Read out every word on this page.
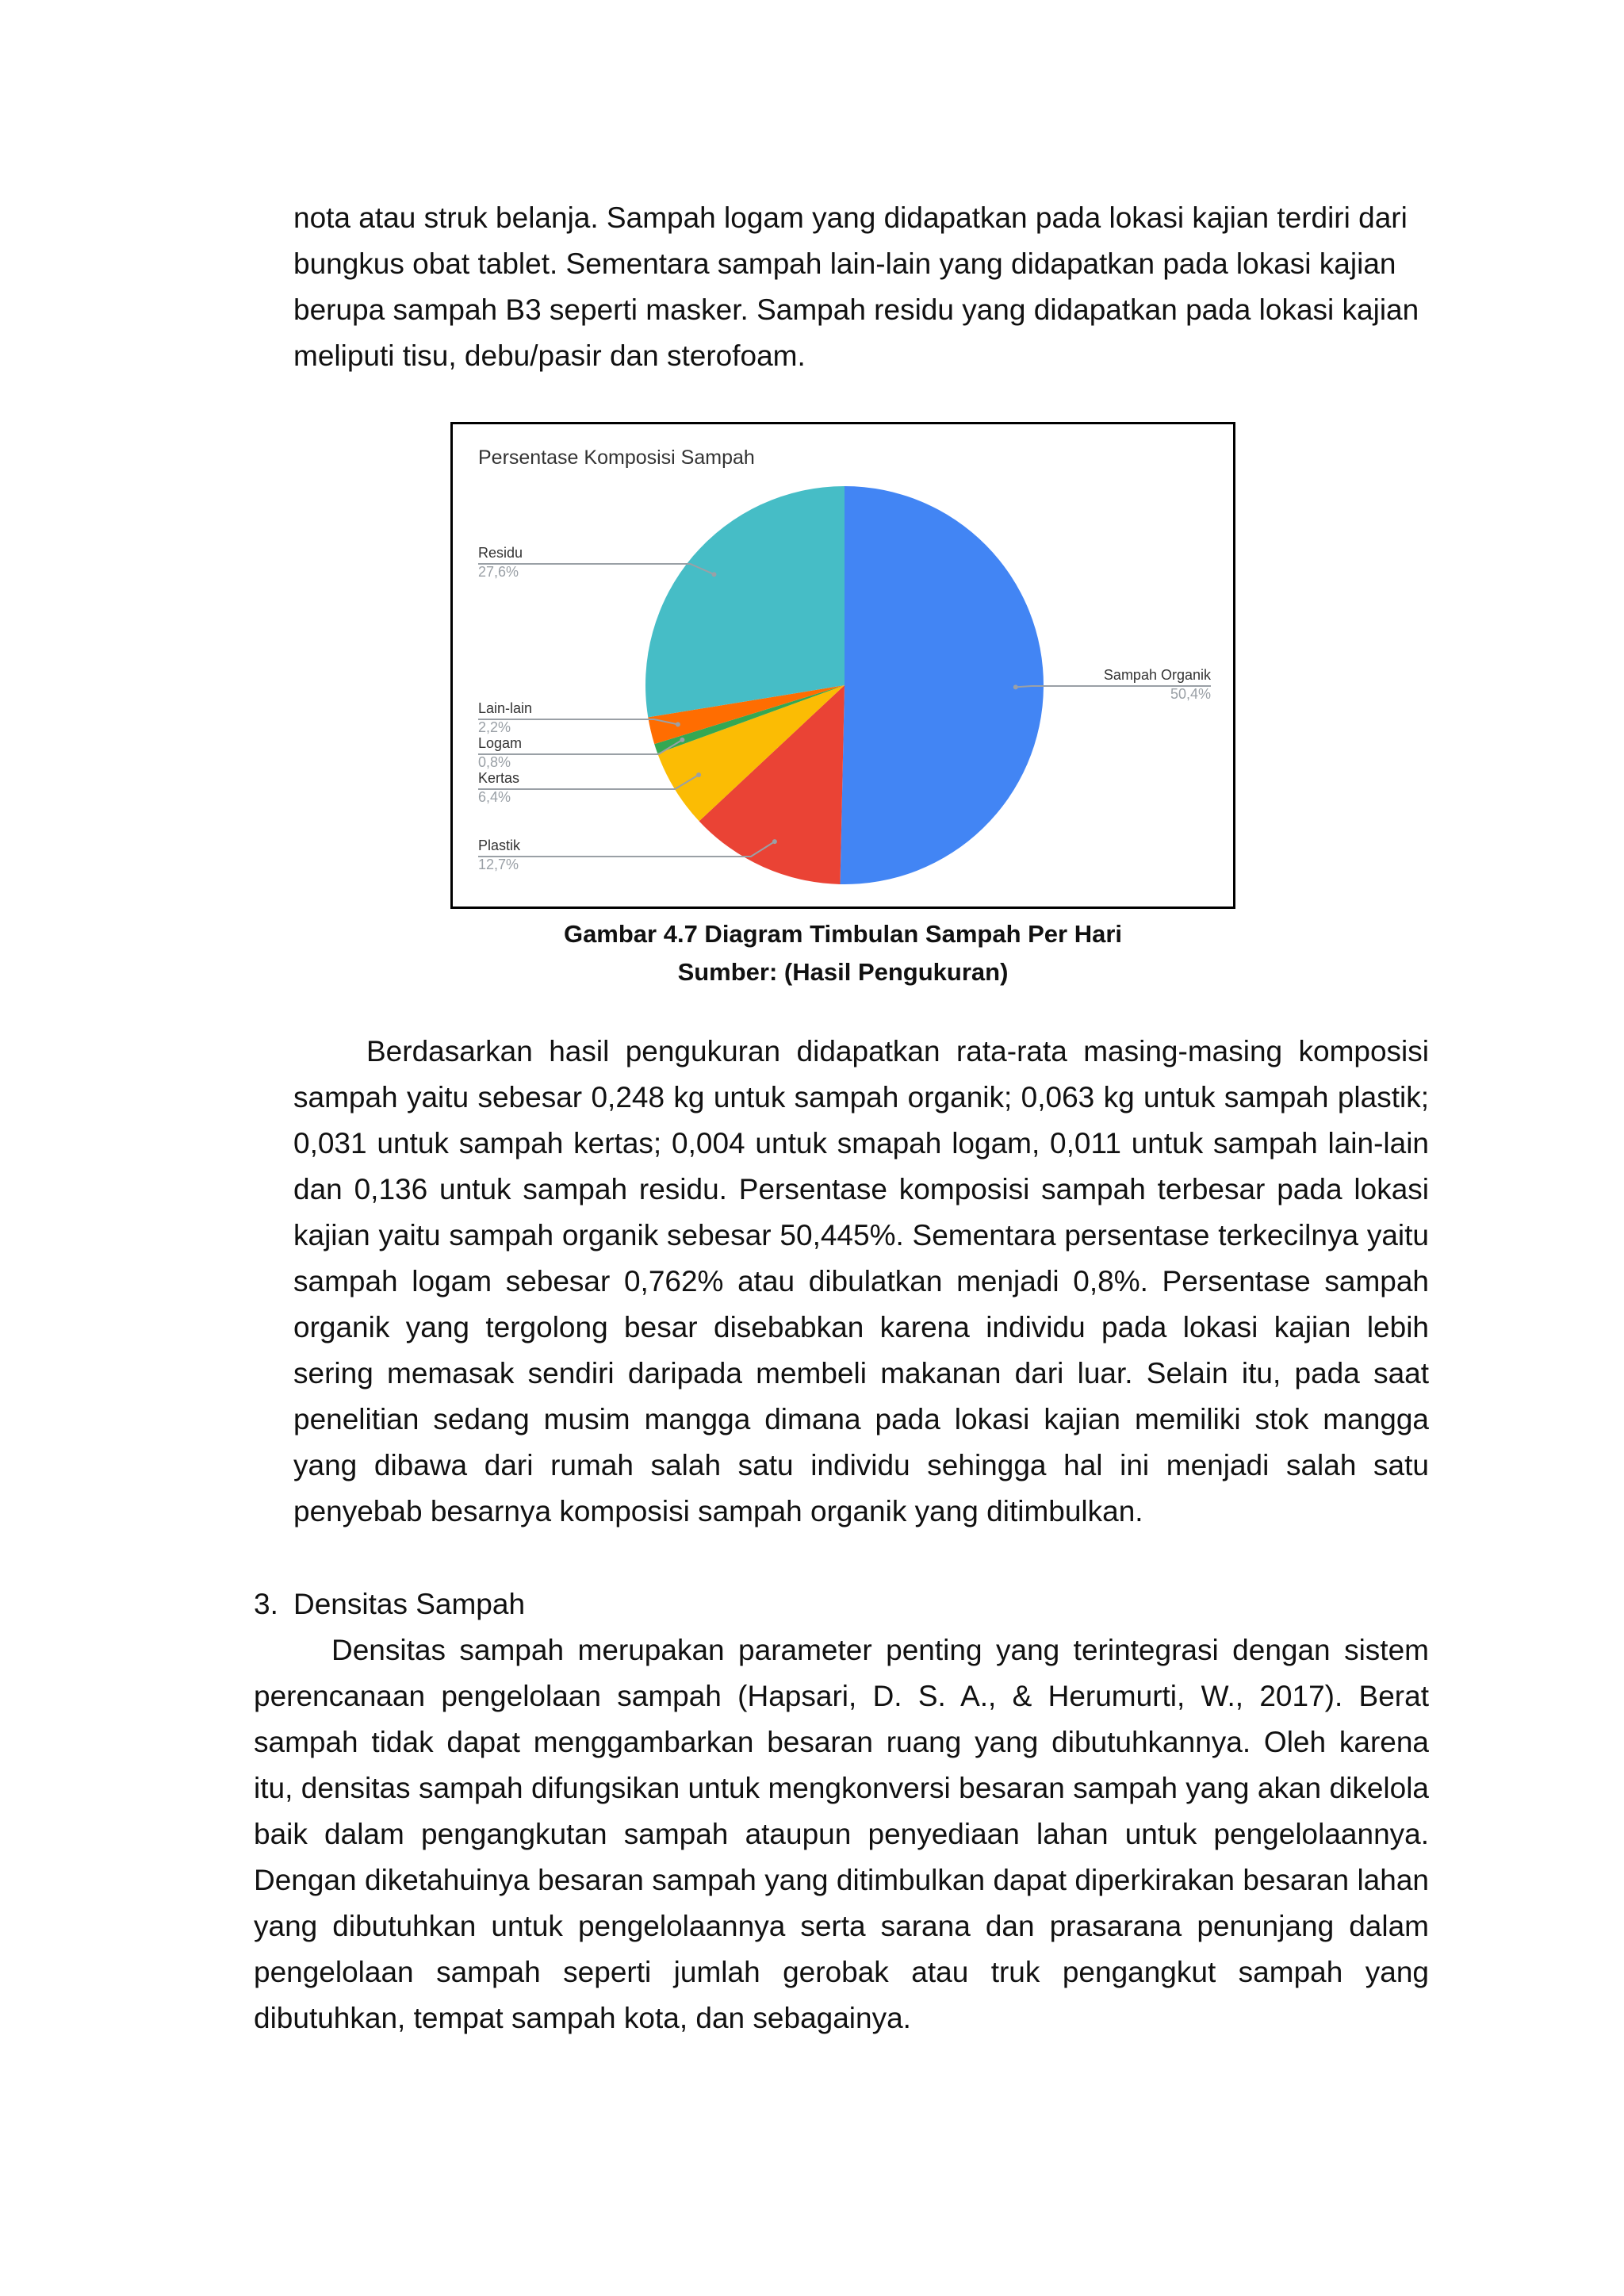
nota atau struk belanja. Sampah logam yang didapatkan pada lokasi kajian terdiri dari bungkus obat tablet. Sementara sampah lain-lain yang didapatkan pada lokasi kajian berupa sampah B3 seperti masker. Sampah residu yang didapatkan pada lokasi kajian meliputi tisu, debu/pasir dan sterofoam.

Persentase Komposisi Sampah
Sampah Organik
50,4%
Plastik
12,7%
Kertas
6,4%
Logam
0,8%
Lain-lain
2,2%
Residu
27,6%
Gambar 4.7 Diagram Timbulan Sampah Per Hari
Sumber: (Hasil Pengukuran)

Berdasarkan hasil pengukuran didapatkan rata-rata masing-masing komposisi sampah yaitu sebesar 0,248 kg untuk sampah organik; 0,063 kg untuk sampah plastik; 0,031 untuk sampah kertas; 0,004 untuk smapah logam, 0,011 untuk sampah lain-lain dan 0,136 untuk sampah residu. Persentase komposisi sampah terbesar pada lokasi kajian yaitu sampah organik sebesar 50,445%. Sementara persentase terkecilnya yaitu sampah logam sebesar 0,762% atau dibulatkan menjadi 0,8%. Persentase sampah organik yang tergolong besar disebabkan karena individu pada lokasi kajian lebih sering memasak sendiri daripada membeli makanan dari luar. Selain itu, pada saat penelitian sedang musim mangga dimana pada lokasi kajian memiliki stok mangga yang dibawa dari rumah salah satu individu sehingga hal ini menjadi salah satu penyebab besarnya komposisi sampah organik yang ditimbulkan.

3. Densitas Sampah

Densitas sampah merupakan parameter penting yang terintegrasi dengan sistem perencanaan pengelolaan sampah (Hapsari, D. S. A., & Herumurti, W., 2017). Berat sampah tidak dapat menggambarkan besaran ruang yang dibutuhkannya. Oleh karena itu, densitas sampah difungsikan untuk mengkonversi besaran sampah yang akan dikelola baik dalam pengangkutan sampah ataupun penyediaan lahan untuk pengelolaannya. Dengan diketahuinya besaran sampah yang ditimbulkan dapat diperkirakan besaran lahan yang dibutuhkan untuk pengelolaannya serta sarana dan prasarana penunjang dalam pengelolaan sampah seperti jumlah gerobak atau truk pengangkut sampah yang dibutuhkan, tempat sampah kota, dan sebagainya.
